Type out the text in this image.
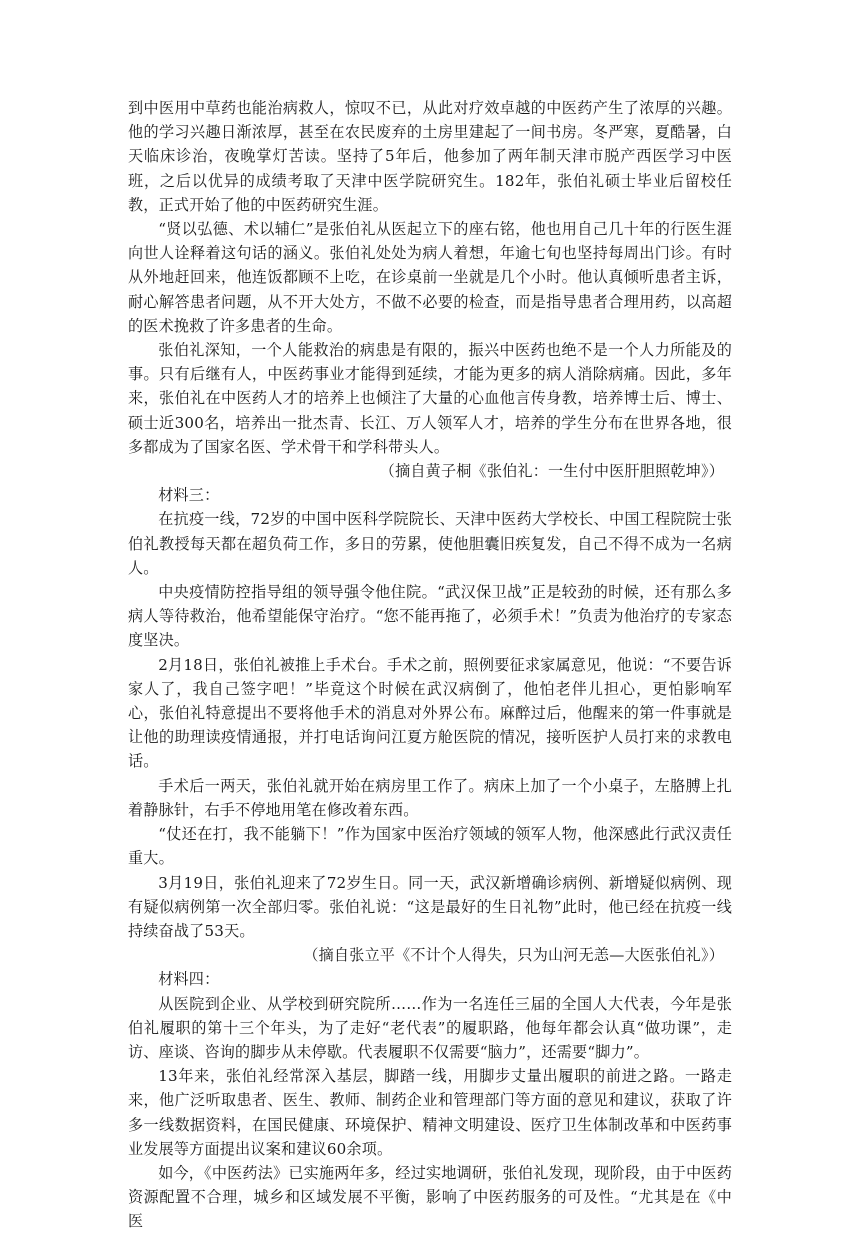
到中医用中草药也能治病救人，惊叹不已，从此对疗效卓越的中医药产生了浓厚的兴趣。他的学习兴趣日渐浓厚，甚至在农民废弃的土房里建起了一间书房。冬严寒，夏酷暑，白天临床诊治，夜晚掌灯苦读。坚持了5年后，他参加了两年制天津市脱产西医学习中医班，之后以优异的成绩考取了天津中医学院研究生。182年，张伯礼硕士毕业后留校任教，正式开始了他的中医药研究生涯。

“贤以弘德、术以辅仁”是张伯礼从医起立下的座右铭，他也用自己几十年的行医生涯向世人诠释着这句话的涵义。张伯礼处处为病人着想，年逾七旬也坚持每周出门诊。有时从外地赶回来，他连饭都顾不上吃，在诊桌前一坐就是几个小时。他认真倾听患者主诉，耐心解答患者问题，从不开大处方，不做不必要的检查，而是指导患者合理用药，以高超的医术挽救了许多患者的生命。

张伯礼深知，一个人能救治的病患是有限的，振兴中医药也绝不是一个人力所能及的事。只有后继有人，中医药事业才能得到延续，才能为更多的病人消除病痛。因此，多年来，张伯礼在中医药人才的培养上也倾注了大量的心血他言传身教，培养博士后、博士、硕士近300名，培养出一批杰青、长江、万人领军人才，培养的学生分布在世界各地，很多都成为了国家名医、学术骨干和学科带头人。

（摘自黄子桐《张伯礼：一生付中医肝胆照乾坤》）

材料三：

在抗疫一线，72岁的中国中医科学院院长、天津中医药大学校长、中国工程院院士张伯礼教授每天都在超负荷工作，多日的劳累，使他胆囊旧疾复发，自己不得不成为一名病人。

中央疫情防控指导组的领导强令他住院。“武汉保卫战”正是较劲的时候，还有那么多病人等待救治，他希望能保守治疗。“您不能再拖了，必须手术！”负责为他治疗的专家态度坚决。

2月18日，张伯礼被推上手术台。手术之前，照例要征求家属意见，他说：“不要告诉家人了，我自己签字吧！”毕竟这个时候在武汉病倒了，他怕老伴儿担心，更怕影响军心，张伯礼特意提出不要将他手术的消息对外界公布。麻醉过后，他醒来的第一件事就是让他的助理读疫情通报，并打电话询问江夏方舱医院的情况，接听医护人员打来的求教电话。

手术后一两天，张伯礼就开始在病房里工作了。病床上加了一个小桌子，左胳膊上扎着静脉针，右手不停地用笔在修改着东西。

“仗还在打，我不能躺下！”作为国家中医治疗领域的领军人物，他深感此行武汉责任重大。

3月19日，张伯礼迎来了72岁生日。同一天，武汉新增确诊病例、新增疑似病例、现有疑似病例第一次全部归零。张伯礼说：“这是最好的生日礼物”此时，他已经在抗疫一线持续奋战了53天。

（摘自张立平《不计个人得失，只为山河无恙—大医张伯礼》）

材料四：

从医院到企业、从学校到研究院所……作为一名连任三届的全国人大代表，今年是张伯礼履职的第十三个年头，为了走好“老代表”的履职路，他每年都会认真“做功课”，走访、座谈、咨询的脚步从未停歇。代表履职不仅需要“脑力”，还需要“脚力”。

13年来，张伯礼经常深入基层，脚踏一线，用脚步丈量出履职的前进之路。一路走来，他广泛听取患者、医生、教师、制药企业和管理部门等方面的意见和建议，获取了许多一线数据资料，在国民健康、环境保护、精神文明建设、医疗卫生体制改革和中医药事业发展等方面提出议案和建议60余项。

如今，《中医药法》已实施两年多，经过实地调研，张伯礼发现，现阶段，由于中医药资源配置不合理，城乡和区域发展不平衡，影响了中医药服务的可及性。“尤其是在《中医
